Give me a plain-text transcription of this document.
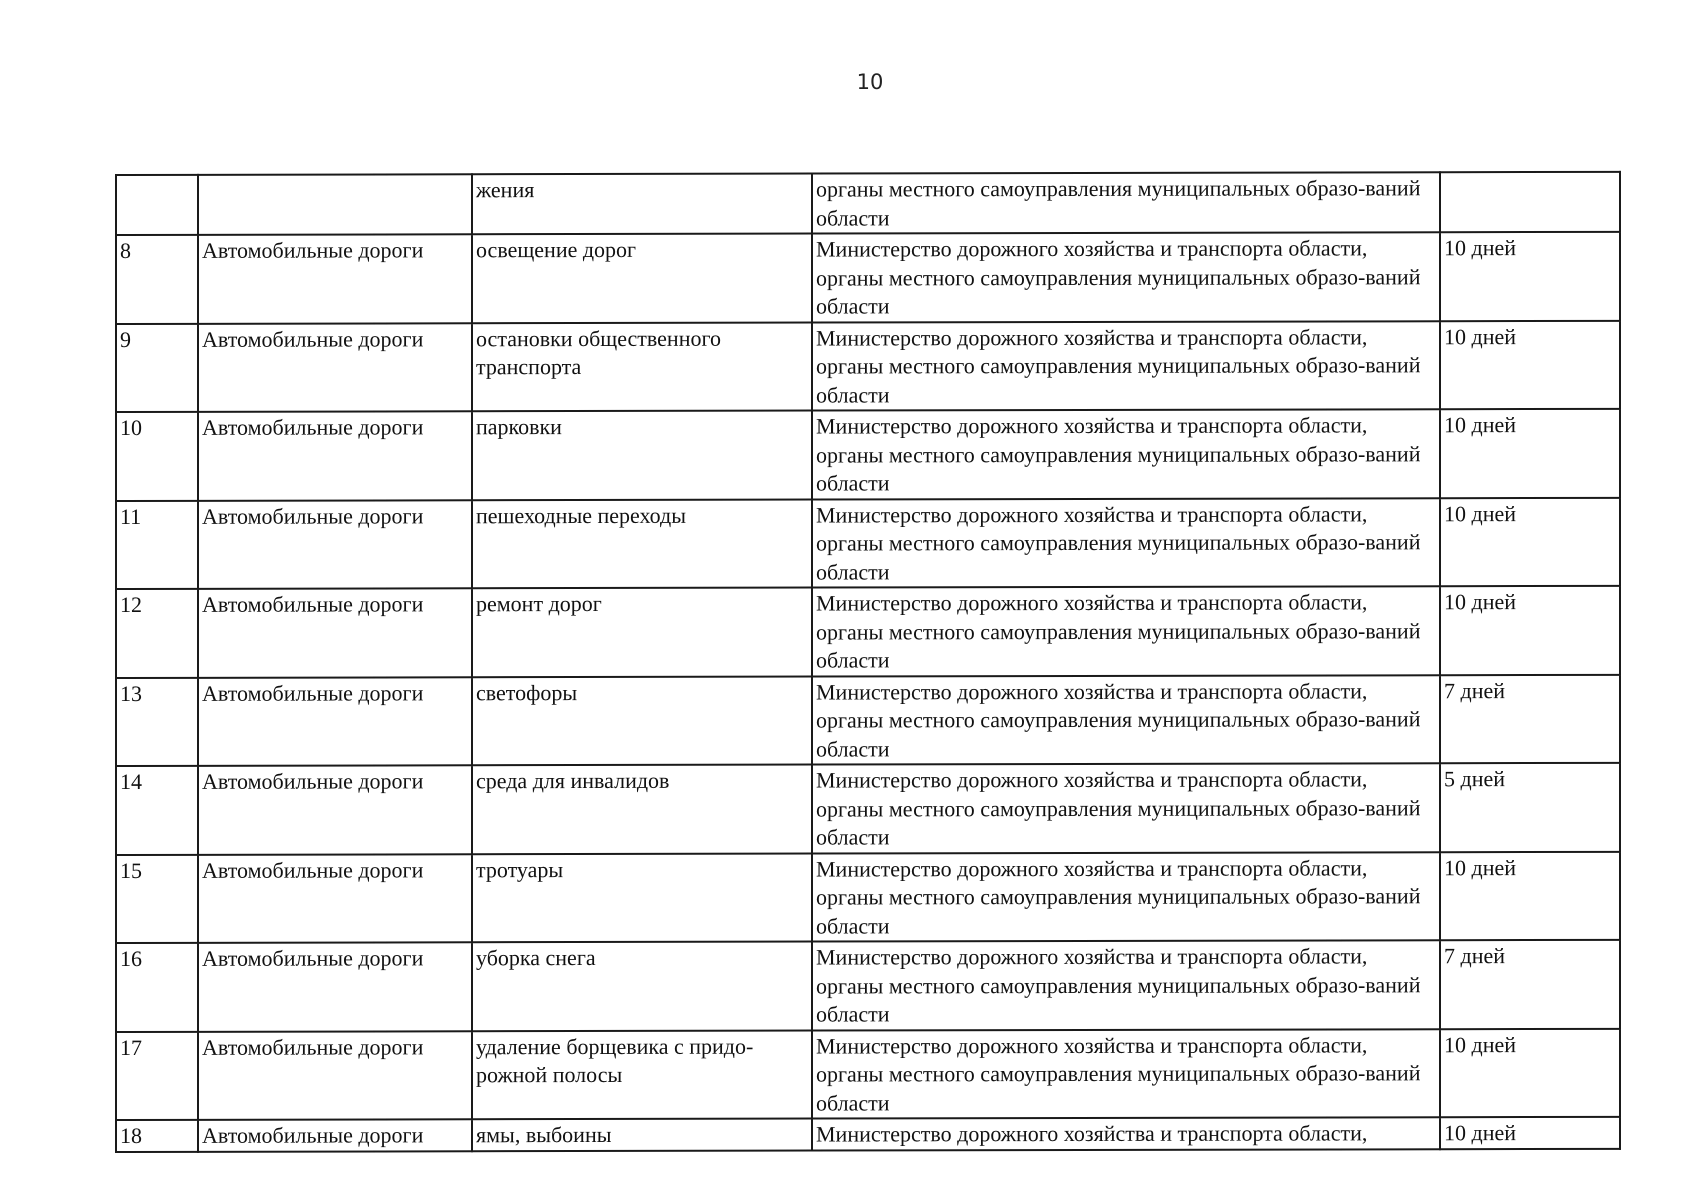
10
		жения	органы местного самоуправления муниципальных образо-ваний области	
8	Автомобильные дороги	освещение дорог	Министерство дорожного хозяйства и транспорта области, органы местного самоуправления муниципальных образо-ваний области	10 дней
9	Автомобильные дороги	остановки общественного транспорта	Министерство дорожного хозяйства и транспорта области, органы местного самоуправления муниципальных образо-ваний области	10 дней
10	Автомобильные дороги	парковки	Министерство дорожного хозяйства и транспорта области, органы местного самоуправления муниципальных образо-ваний области	10 дней
11	Автомобильные дороги	пешеходные переходы	Министерство дорожного хозяйства и транспорта области, органы местного самоуправления муниципальных образо-ваний области	10 дней
12	Автомобильные дороги	ремонт дорог	Министерство дорожного хозяйства и транспорта области, органы местного самоуправления муниципальных образо-ваний области	10 дней
13	Автомобильные дороги	светофоры	Министерство дорожного хозяйства и транспорта области, органы местного самоуправления муниципальных образо-ваний области	7 дней
14	Автомобильные дороги	среда для инвалидов	Министерство дорожного хозяйства и транспорта области, органы местного самоуправления муниципальных образо-ваний области	5 дней
15	Автомобильные дороги	тротуары	Министерство дорожного хозяйства и транспорта области, органы местного самоуправления муниципальных образо-ваний области	10 дней
16	Автомобильные дороги	уборка снега	Министерство дорожного хозяйства и транспорта области, органы местного самоуправления муниципальных образо-ваний области	7 дней
17	Автомобильные дороги	удаление борщевика с придо-рожной полосы	Министерство дорожного хозяйства и транспорта области, органы местного самоуправления муниципальных образо-ваний области	10 дней
18	Автомобильные дороги	ямы, выбоины	Министерство дорожного хозяйства и транспорта области,	10 дней
